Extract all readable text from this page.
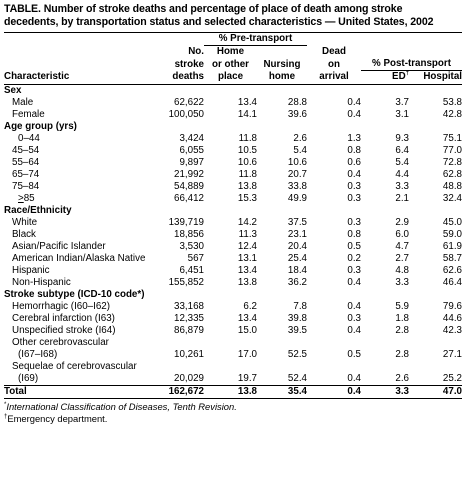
TABLE. Number of stroke deaths and percentage of place of death among stroke
decedents, by transportation status and selected characteristics — United States, 2002
		% Pre-transport				
	No.	Home		Dead		
	stroke	or other	Nursing	on	% Post-transport	
Characteristic	deaths	place	home	arrival	ED†	Hospital
Sex						
Male	62,622	13.4	28.8	0.4	3.7	53.8
Female	100,050	14.1	39.6	0.4	3.1	42.8
Age group (yrs)						
0–44	3,424	11.8	2.6	1.3	9.3	75.1
45–54	6,055	10.5	5.4	0.8	6.4	77.0
55–64	9,897	10.6	10.6	0.6	5.4	72.8
65–74	21,992	11.8	20.7	0.4	4.4	62.8
75–84	54,889	13.8	33.8	0.3	3.3	48.8
≥85	66,412	15.3	49.9	0.3	2.1	32.4
Race/Ethnicity						
White	139,719	14.2	37.5	0.3	2.9	45.0
Black	18,856	11.3	23.1	0.8	6.0	59.0
Asian/Pacific Islander	3,530	12.4	20.4	0.5	4.7	61.9
American Indian/Alaska Native	567	13.1	25.4	0.2	2.7	58.7
Hispanic	6,451	13.4	18.4	0.3	4.8	62.6
Non-Hispanic	155,852	13.8	36.2	0.4	3.3	46.4
Stroke subtype (ICD-10 code*)						
Hemorrhagic (I60–I62)	33,168	6.2	7.8	0.4	5.9	79.6
Cerebral infarction (I63)	12,335	13.4	39.8	0.3	1.8	44.6
Unspecified stroke (I64)	86,879	15.0	39.5	0.4	2.8	42.3
Other cerebrovascular						
(I67–I68)	10,261	17.0	52.5	0.5	2.8	27.1
Sequelae of cerebrovascular						
(I69)	20,029	19.7	52.4	0.4	2.6	25.2
Total	162,672	13.8	35.4	0.4	3.3	47.0
*International Classification of Diseases, Tenth Revision.
†Emergency department.
